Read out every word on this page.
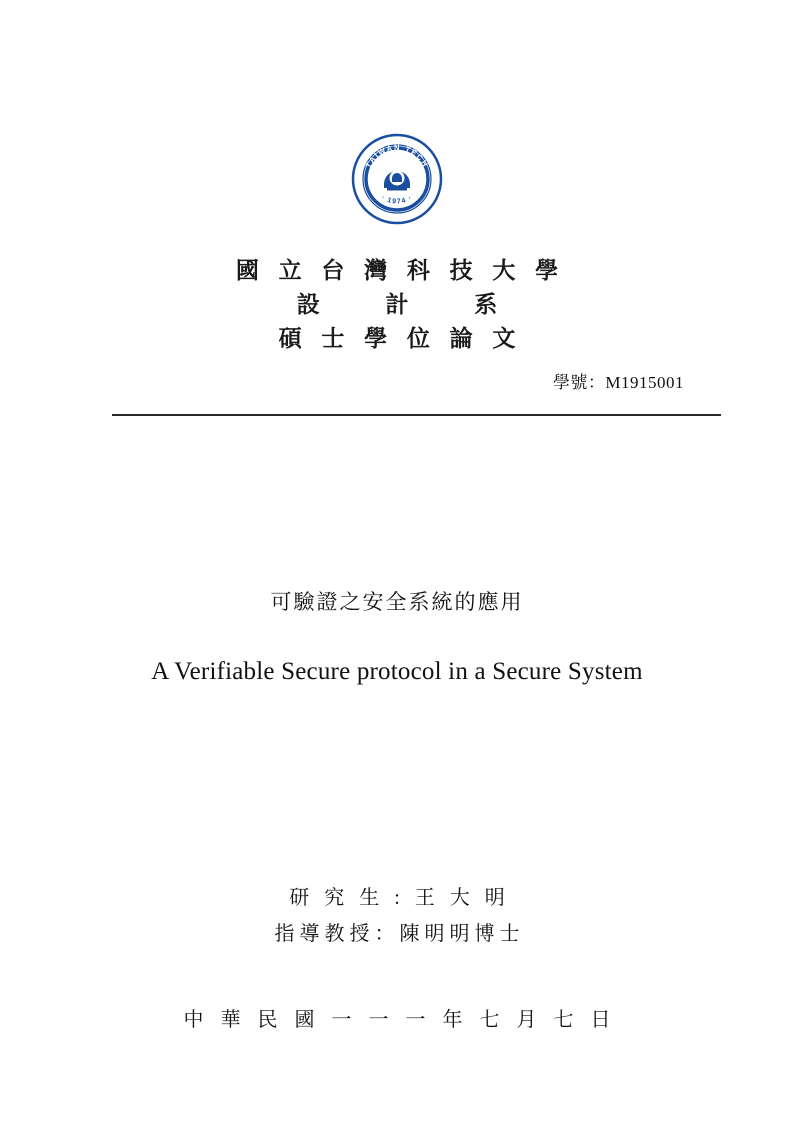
TAIWAN TECH
· 1974 ·
國 立 台 灣 科 技 大 學
設 計 系
碩 士 學 位 論 文
學號：M1915001
可驗證之安全系統的應用
A Verifiable Secure protocol in a Secure System
研 究 生 : 王 大 明
指導教授：陳明明博士
中 華 民 國 一 一 一 年 七 月 七 日
